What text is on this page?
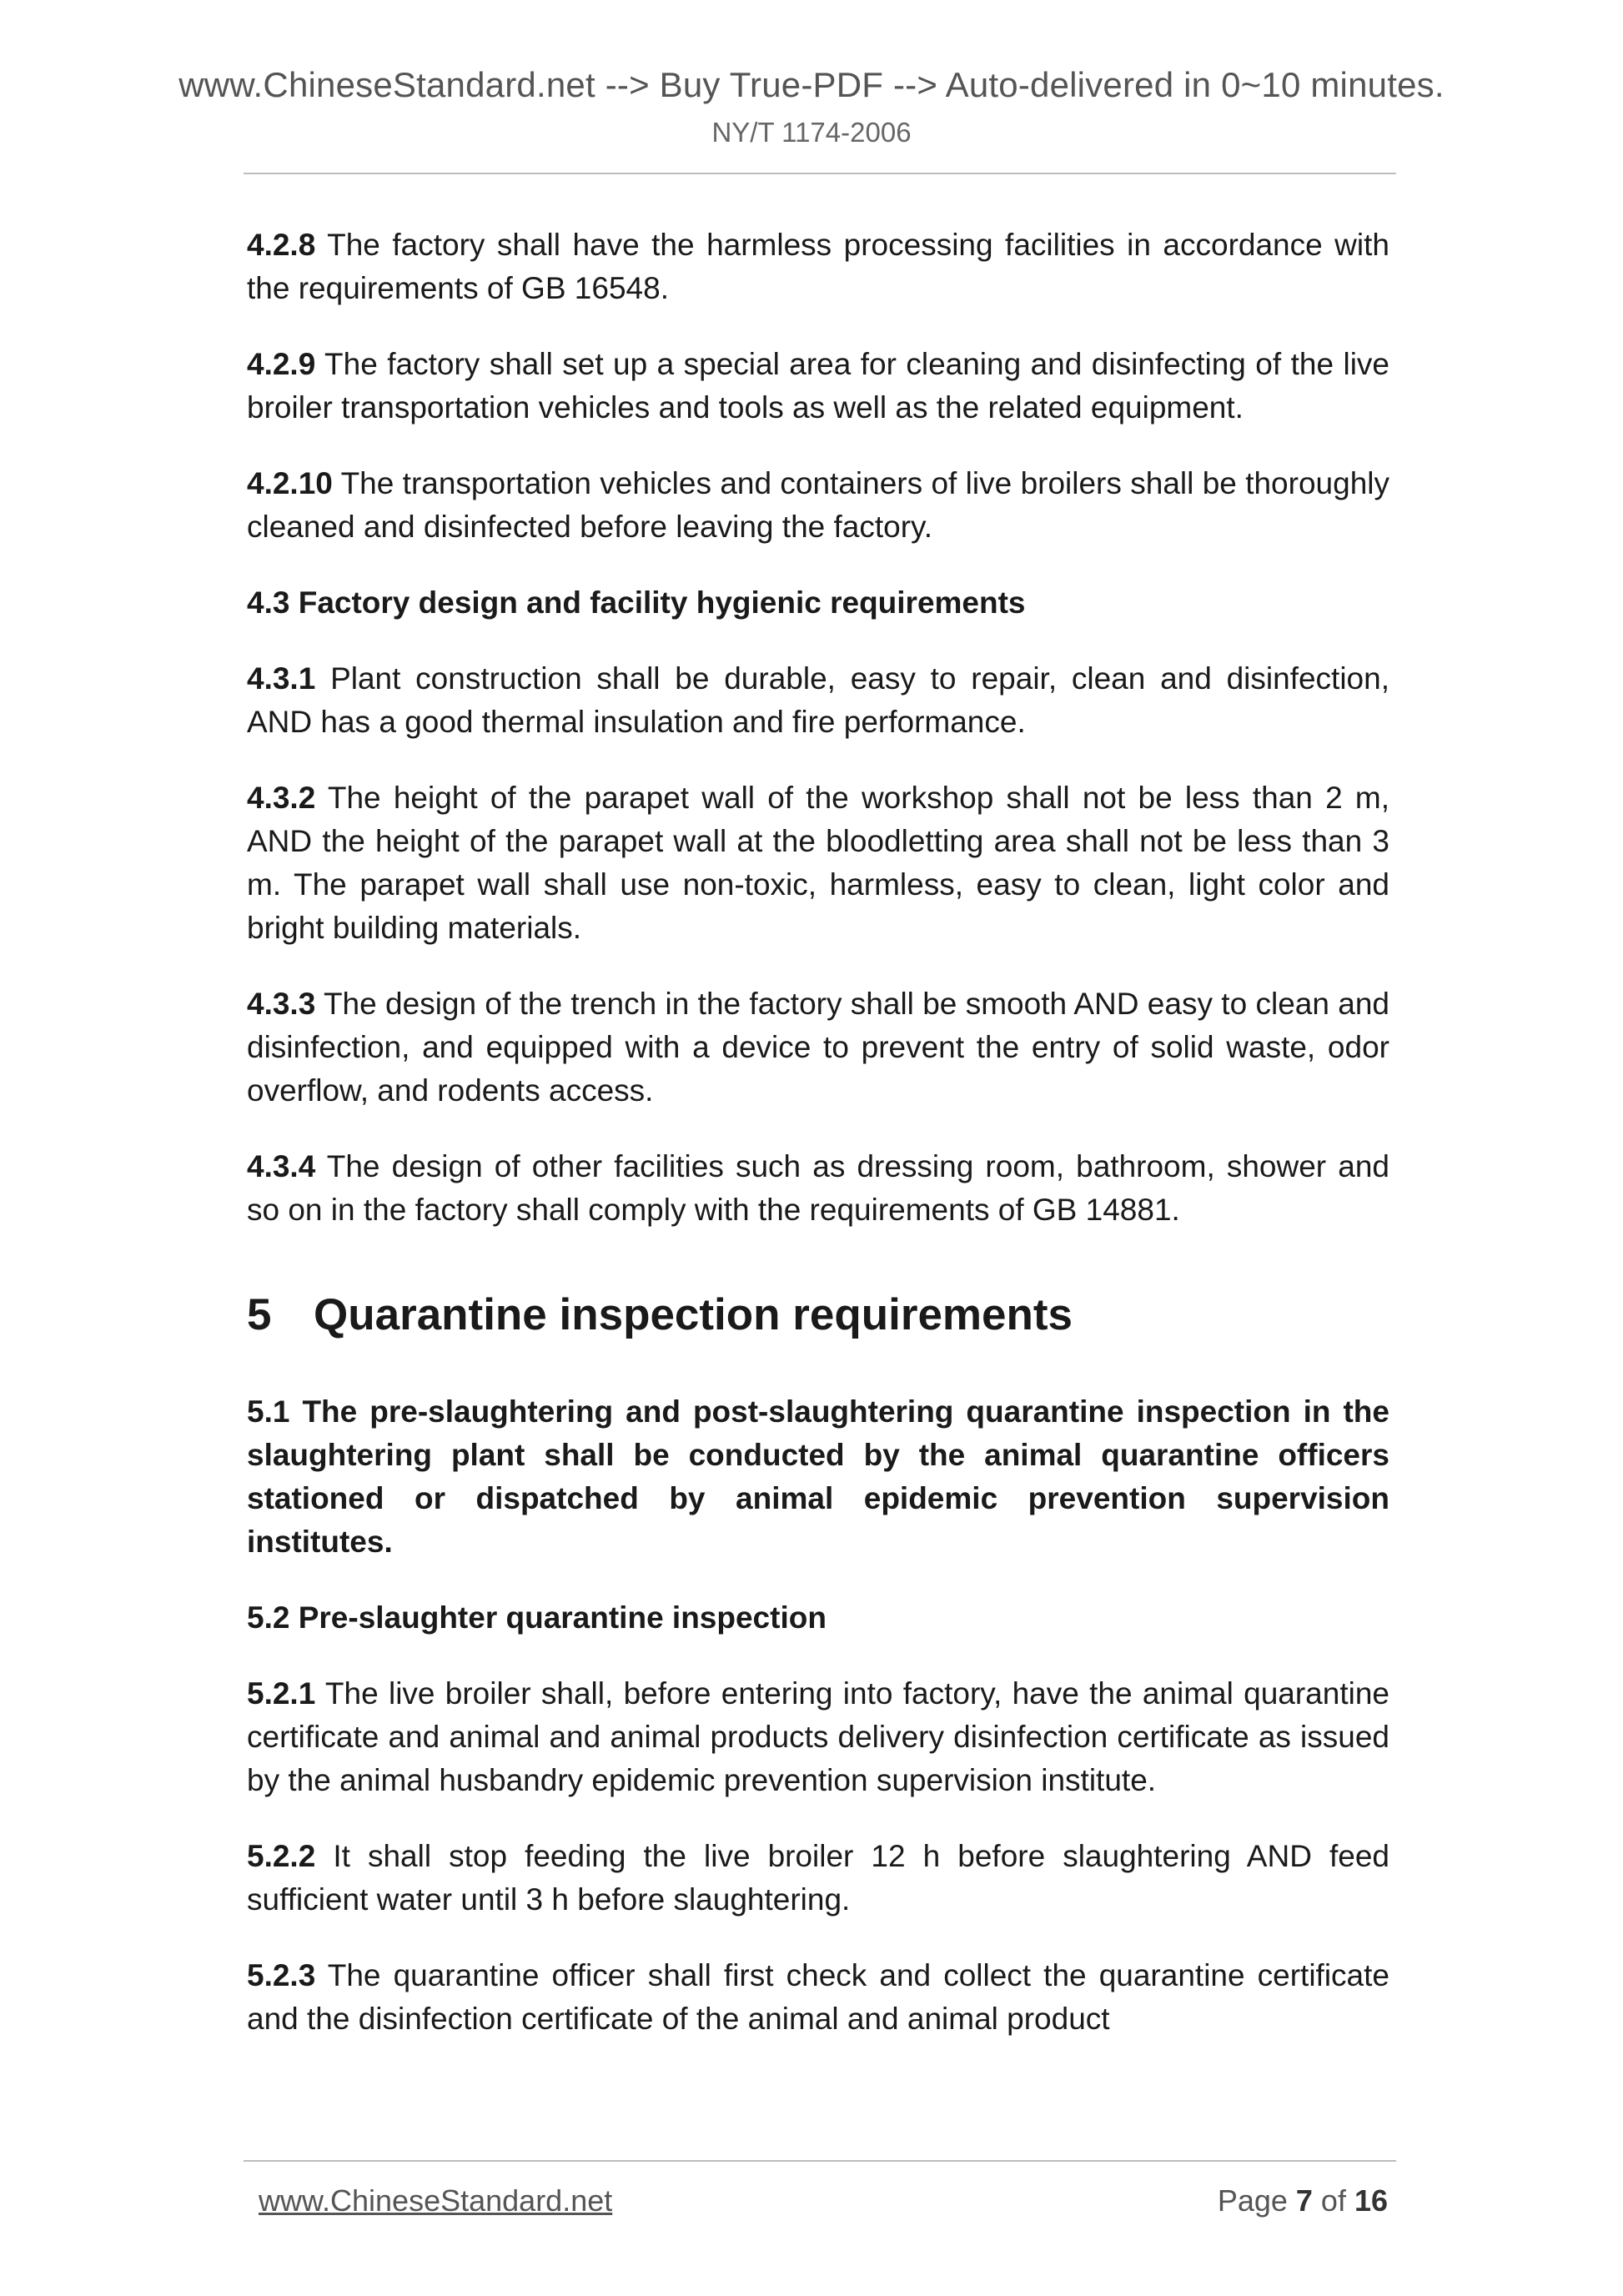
www.ChineseStandard.net --> Buy True-PDF --> Auto-delivered in 0~10 minutes.
NY/T 1174-2006

4.2.8 The factory shall have the harmless processing facilities in accordance with the requirements of GB 16548.

4.2.9 The factory shall set up a special area for cleaning and disinfecting of the live broiler transportation vehicles and tools as well as the related equipment.

4.2.10 The transportation vehicles and containers of live broilers shall be thoroughly cleaned and disinfected before leaving the factory.

4.3 Factory design and facility hygienic requirements

4.3.1 Plant construction shall be durable, easy to repair, clean and disinfection, AND has a good thermal insulation and fire performance.

4.3.2 The height of the parapet wall of the workshop shall not be less than 2 m, AND the height of the parapet wall at the bloodletting area shall not be less than 3 m. The parapet wall shall use non-toxic, harmless, easy to clean, light color and bright building materials.

4.3.3 The design of the trench in the factory shall be smooth AND easy to clean and disinfection, and equipped with a device to prevent the entry of solid waste, odor overflow, and rodents access.

4.3.4 The design of other facilities such as dressing room, bathroom, shower and so on in the factory shall comply with the requirements of GB 14881.

5 Quarantine inspection requirements

5.1 The pre-slaughtering and post-slaughtering quarantine inspection in the slaughtering plant shall be conducted by the animal quarantine officers stationed or dispatched by animal epidemic prevention supervision institutes.

5.2 Pre-slaughter quarantine inspection

5.2.1 The live broiler shall, before entering into factory, have the animal quarantine certificate and animal and animal products delivery disinfection certificate as issued by the animal husbandry epidemic prevention supervision institute.

5.2.2 It shall stop feeding the live broiler 12 h before slaughtering AND feed sufficient water until 3 h before slaughtering.

5.2.3 The quarantine officer shall first check and collect the quarantine certificate and the disinfection certificate of the animal and animal product

www.ChineseStandard.net	Page 7 of 16
